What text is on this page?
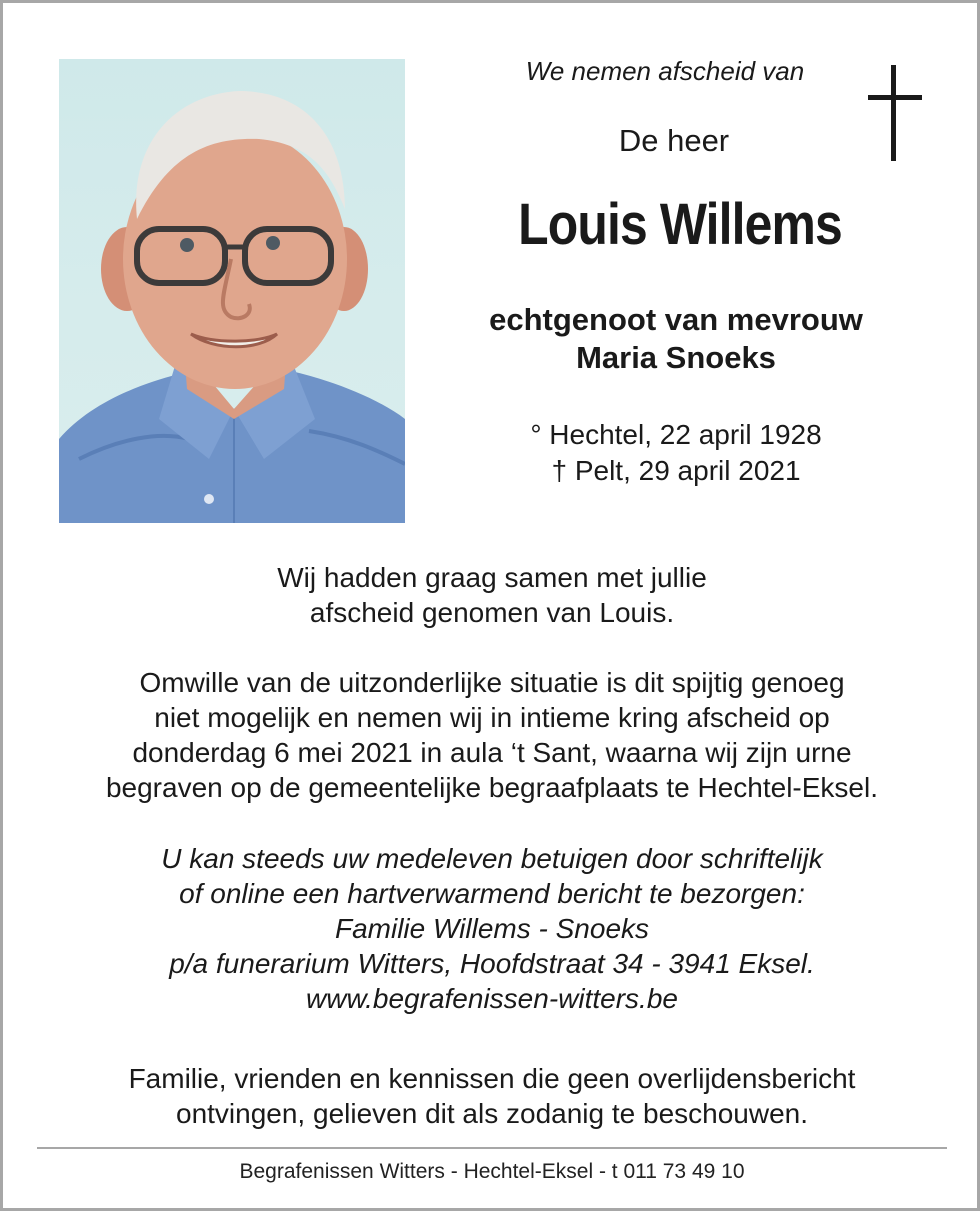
We nemen afscheid van
De heer
Louis Willems
echtgenoot van mevrouw
Maria Snoeks
° Hechtel, 22 april 1928
† Pelt, 29 april 2021
Wij hadden graag samen met jullie
afscheid genomen van Louis.
Omwille van de uitzonderlijke situatie is dit spijtig genoeg
niet mogelijk en nemen wij in intieme kring afscheid op
donderdag 6 mei 2021 in aula ‘t Sant, waarna wij zijn urne
begraven op de gemeentelijke begraafplaats te Hechtel-Eksel.
U kan steeds uw medeleven betuigen door schriftelijk
of online een hartverwarmend bericht te bezorgen:
Familie Willems - Snoeks
p/a funerarium Witters, Hoofdstraat 34 - 3941 Eksel.
www.begrafenissen-witters.be
Familie, vrienden en kennissen die geen overlijdensbericht
ontvingen, gelieven dit als zodanig te beschouwen.
Begrafenissen Witters - Hechtel-Eksel - t 011 73 49 10
